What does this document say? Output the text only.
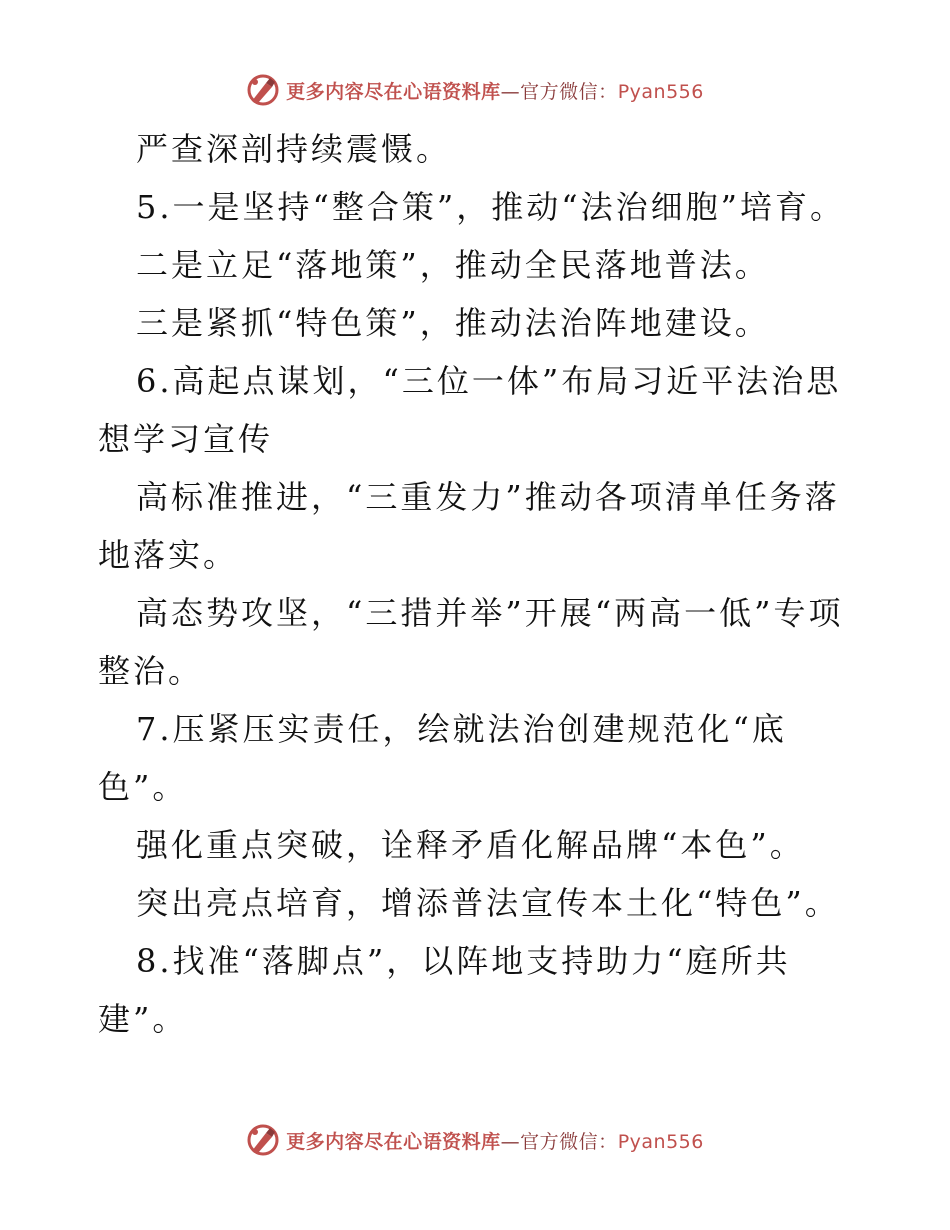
更多内容尽在心语资料库—官方微信：Pyan556

严查深剖持续震慑。

5.一是坚持“整合策”，推动“法治细胞”培育。

二是立足“落地策”，推动全民落地普法。

三是紧抓“特色策”，推动法治阵地建设。

6.高起点谋划，“三位一体”布局习近平法治思想学习宣传

高标准推进，“三重发力”推动各项清单任务落地落实。

高态势攻坚，“三措并举”开展“两高一低”专项整治。

7.压紧压实责任，绘就法治创建规范化“底色”。

强化重点突破，诠释矛盾化解品牌“本色”。

突出亮点培育，增添普法宣传本土化“特色”。

8.找准“落脚点”，以阵地支持助力“庭所共建”。

更多内容尽在心语资料库—官方微信：Pyan556
